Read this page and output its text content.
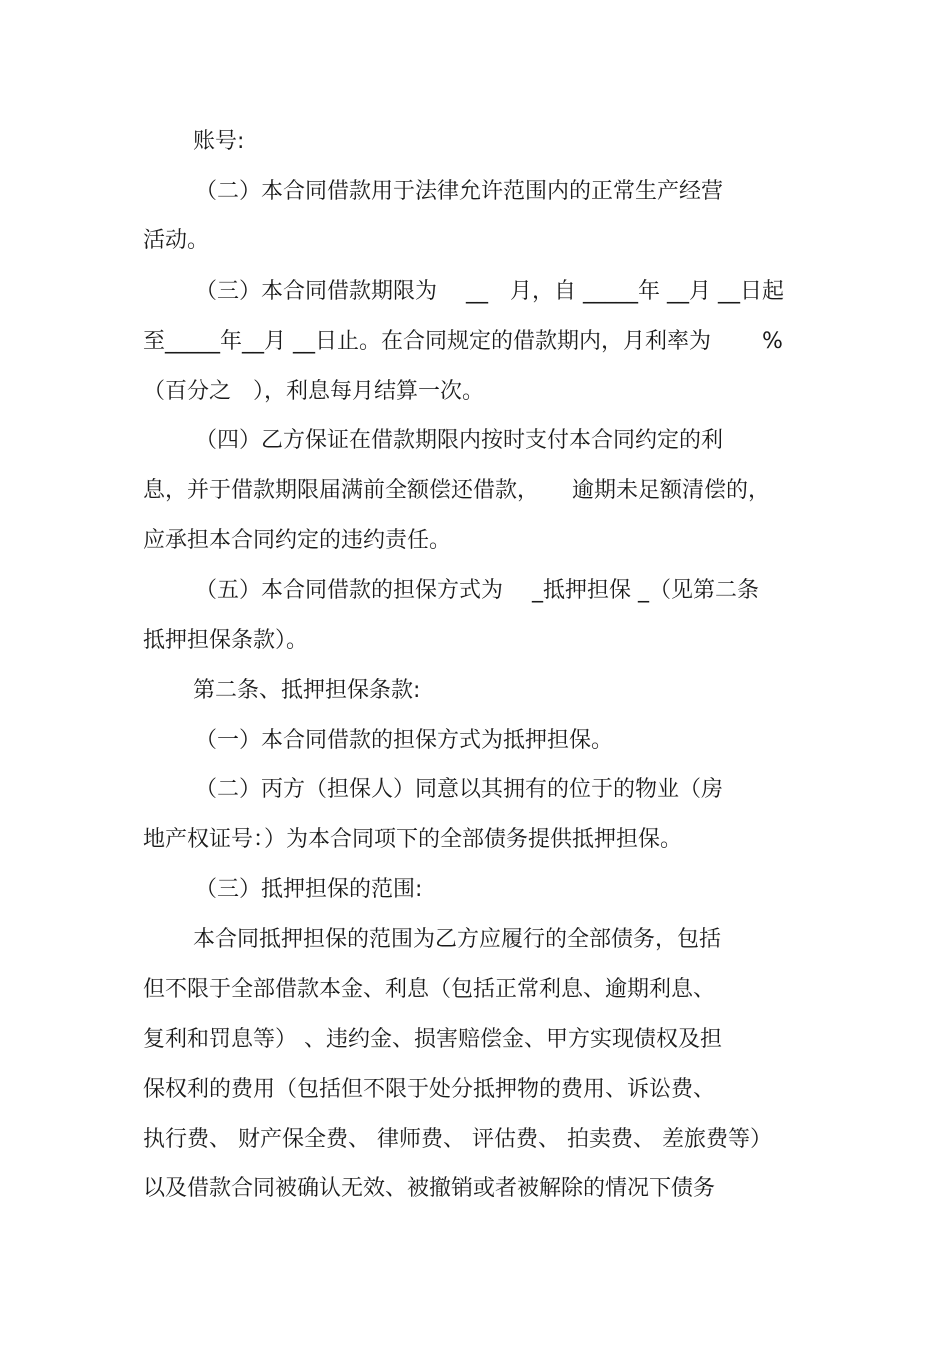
账号:

（二）本合同借款用于法律允许范围内的正常生产经营

活动。

（三）本合同借款期限为　 __　月，自 _____年 __月 __日起

至_____年__月 __日止。在合同规定的借款期内，月利率为　　 %

（百分之　），利息每月结算一次。

（四）乙方保证在借款期限内按时支付本合同约定的利

息，并于借款期限届满前全额偿还借款，　　逾期未足额清偿的，

应承担本合同约定的违约责任。

（五）本合同借款的担保方式为　 _抵押担保 _（见第二条

抵押担保条款）。

第二条、抵押担保条款:

（一）本合同借款的担保方式为抵押担保。

（二）丙方（担保人）同意以其拥有的位于的物业（房

地产权证号：）为本合同项下的全部债务提供抵押担保。

（三）抵押担保的范围:

本合同抵押担保的范围为乙方应履行的全部债务，包括

但不限于全部借款本金、利息（包括正常利息、逾期利息、

复利和罚息等） 、违约金、损害赔偿金、甲方实现债权及担

保权利的费用（包括但不限于处分抵押物的费用、诉讼费、

执行费、 财产保全费、 律师费、 评估费、 拍卖费、 差旅费等）

以及借款合同被确认无效、被撤销或者被解除的情况下债务
